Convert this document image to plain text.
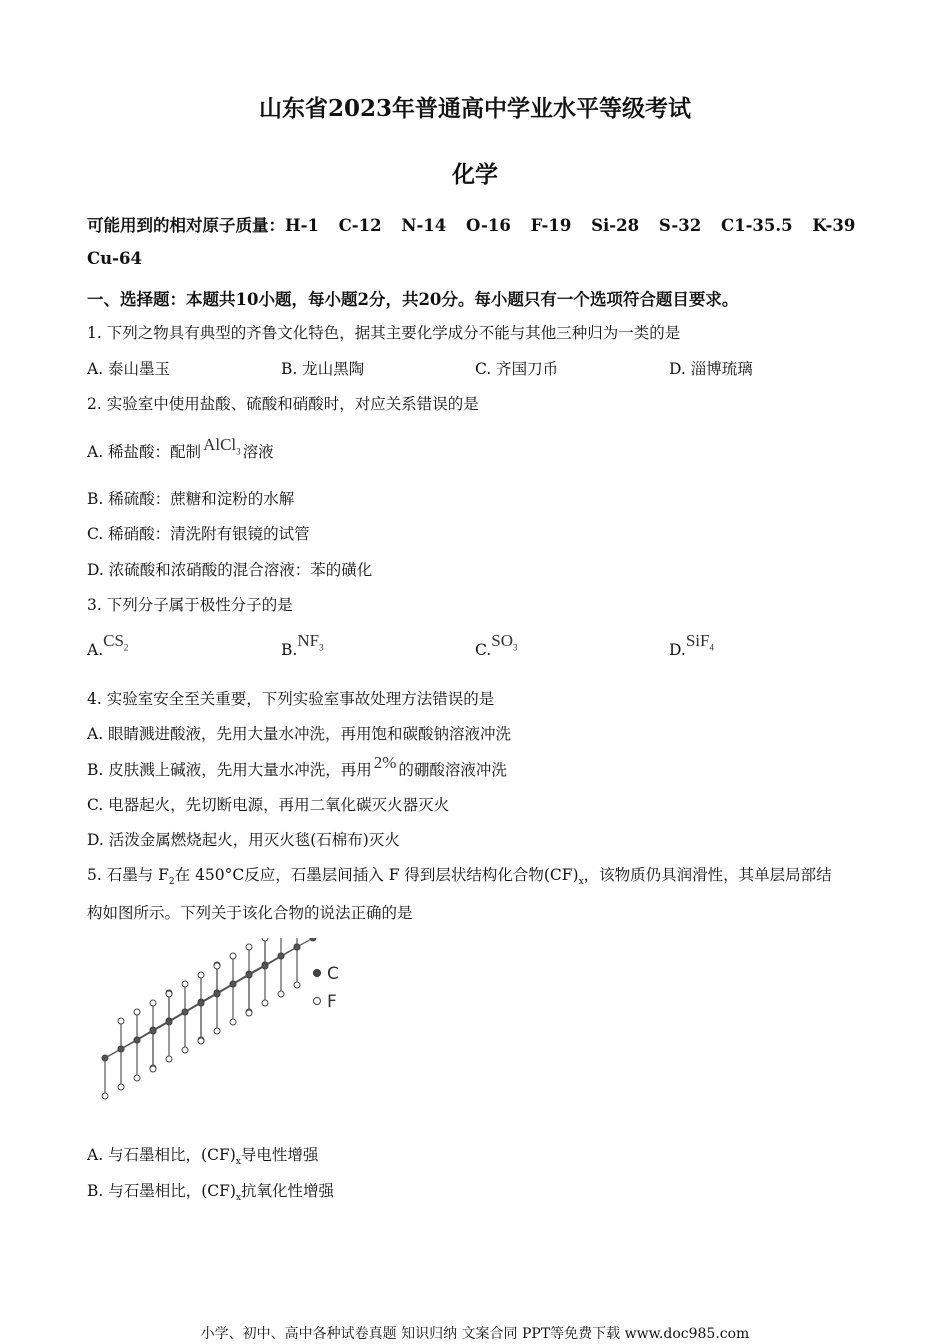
山东省2023年普通高中学业水平等级考试
化学
可能用到的相对原子质量：H-1 C-12 N-14 O-16 F-19 Si-28 S-32 C1-35.5 K-39
Cu-64
一、选择题：本题共10小题，每小题2分，共20分。每小题只有一个选项符合题目要求。
1. 下列之物具有典型的齐鲁文化特色，据其主要化学成分不能与其他三种归为一类的是
A. 泰山墨玉	B. 龙山黑陶	C. 齐国刀币	D. 淄博琉璃
2. 实验室中使用盐酸、硫酸和硝酸时，对应关系错误的是
A. 稀盐酸：配制 AlCl$_3$ 溶液
B. 稀硫酸：蔗糖和淀粉的水解
C. 稀硝酸：清洗附有银镜的试管
D. 浓硫酸和浓硝酸的混合溶液：苯的磺化
3. 下列分子属于极性分子的是
$A.CS_2$	$B.NF_3$	$C.SO_3$	D.SiF$_4$
4. 实验室安全至关重要，下列实验室事故处理方法错误的是
A. 眼睛溅进酸液，先用大量水冲洗，再用饱和碳酸钠溶液冲洗
B. 皮肤溅上碱液，先用大量水冲洗，再用 2% 的硼酸溶液冲洗
C. 电器起火，先切断电源，再用二氧化碳灭火器灭火
D. 活泼金属燃烧起火，用灭火毯(石棉布)灭火
5. 石墨与 $F_2$在 450°C反应，石墨层间插入 F 得到层状结构化合物$(CF)_x$，该物质仍具润滑性，其单层局部结
构如图所示。下列关于该化合物的说法正确的是
C
F
A. 与石墨相比，$(CF)_x$导电性增强
B. 与石墨相比，$(CF)_x$抗氧化性增强
小学、初中、高中各种试卷真题 知识归纳 文案合同 PPT等免费下载 www.doc985.com
